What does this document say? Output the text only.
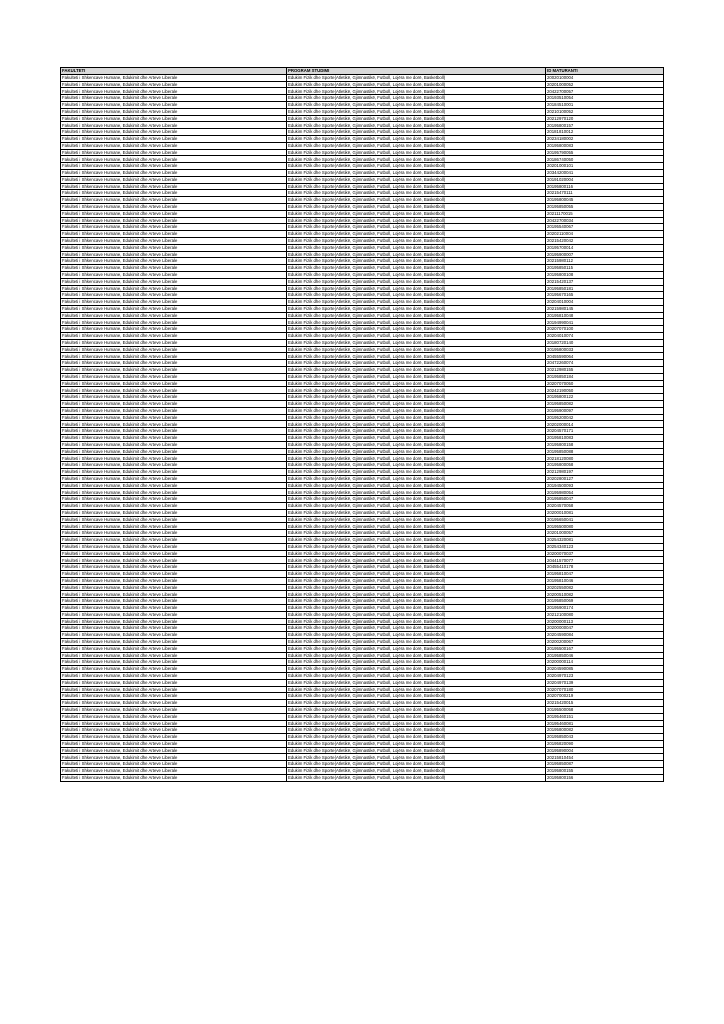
FAKULTETI	PROGRAM STUDIMI	ID MATURANTI
Fakulteti i Shkencave Humane, Edukimit dhe Arteve Liberale	Edukim Fizik dhe Sporte(Atletikë, Gjimnastikë, Futboll, Lojëra me dorë, Basketboll)	20020100004
Fakulteti i Shkencave Humane, Edukimit dhe Arteve Liberale	Edukim Fizik dhe Sporte(Atletikë, Gjimnastikë, Futboll, Lojëra me dorë, Basketboll)	20201000052
Fakulteti i Shkencave Humane, Edukimit dhe Arteve Liberale	Edukim Fizik dhe Sporte(Atletikë, Gjimnastikë, Futboll, Lojëra me dorë, Basketboll)	20422700057
Fakulteti i Shkencave Humane, Edukimit dhe Arteve Liberale	Edukim Fizik dhe Sporte(Atletikë, Gjimnastikë, Futboll, Lojëra me dorë, Basketboll)	20193510054
Fakulteti i Shkencave Humane, Edukimit dhe Arteve Liberale	Edukim Fizik dhe Sporte(Atletikë, Gjimnastikë, Futboll, Lojëra me dorë, Basketboll)	20184510001
Fakulteti i Shkencave Humane, Edukimit dhe Arteve Liberale	Edukim Fizik dhe Sporte(Atletikë, Gjimnastikë, Futboll, Lojëra me dorë, Basketboll)	20210100052
Fakulteti i Shkencave Humane, Edukimit dhe Arteve Liberale	Edukim Fizik dhe Sporte(Atletikë, Gjimnastikë, Futboll, Lojëra me dorë, Basketboll)	20212970120
Fakulteti i Shkencave Humane, Edukimit dhe Arteve Liberale	Edukim Fizik dhe Sporte(Atletikë, Gjimnastikë, Futboll, Lojëra me dorë, Basketboll)	20195800157
Fakulteti i Shkencave Humane, Edukimit dhe Arteve Liberale	Edukim Fizik dhe Sporte(Atletikë, Gjimnastikë, Futboll, Lojëra me dorë, Basketboll)	20181810012
Fakulteti i Shkencave Humane, Edukimit dhe Arteve Liberale	Edukim Fizik dhe Sporte(Atletikë, Gjimnastikë, Futboll, Lojëra me dorë, Basketboll)	20234180002
Fakulteti i Shkencave Humane, Edukimit dhe Arteve Liberale	Edukim Fizik dhe Sporte(Atletikë, Gjimnastikë, Futboll, Lojëra me dorë, Basketboll)	20195800083
Fakulteti i Shkencave Humane, Edukimit dhe Arteve Liberale	Edukim Fizik dhe Sporte(Atletikë, Gjimnastikë, Futboll, Lojëra me dorë, Basketboll)	20195790055
Fakulteti i Shkencave Humane, Edukimit dhe Arteve Liberale	Edukim Fizik dhe Sporte(Atletikë, Gjimnastikë, Futboll, Lojëra me dorë, Basketboll)	20186740050
Fakulteti i Shkencave Humane, Edukimit dhe Arteve Liberale	Edukim Fizik dhe Sporte(Atletikë, Gjimnastikë, Futboll, Lojëra me dorë, Basketboll)	20201000101
Fakulteti i Shkencave Humane, Edukimit dhe Arteve Liberale	Edukim Fizik dhe Sporte(Atletikë, Gjimnastikë, Futboll, Lojëra me dorë, Basketboll)	20344200041
Fakulteti i Shkencave Humane, Edukimit dhe Arteve Liberale	Edukim Fizik dhe Sporte(Atletikë, Gjimnastikë, Futboll, Lojëra me dorë, Basketboll)	20191020004
Fakulteti i Shkencave Humane, Edukimit dhe Arteve Liberale	Edukim Fizik dhe Sporte(Atletikë, Gjimnastikë, Futboll, Lojëra me dorë, Basketboll)	20195800116
Fakulteti i Shkencave Humane, Edukimit dhe Arteve Liberale	Edukim Fizik dhe Sporte(Atletikë, Gjimnastikë, Futboll, Lojëra me dorë, Basketboll)	20215470111
Fakulteti i Shkencave Humane, Edukimit dhe Arteve Liberale	Edukim Fizik dhe Sporte(Atletikë, Gjimnastikë, Futboll, Lojëra me dorë, Basketboll)	20195800045
Fakulteti i Shkencave Humane, Edukimit dhe Arteve Liberale	Edukim Fizik dhe Sporte(Atletikë, Gjimnastikë, Futboll, Lojëra me dorë, Basketboll)	20195850055
Fakulteti i Shkencave Humane, Edukimit dhe Arteve Liberale	Edukim Fizik dhe Sporte(Atletikë, Gjimnastikë, Futboll, Lojëra me dorë, Basketboll)	20211170015
Fakulteti i Shkencave Humane, Edukimit dhe Arteve Liberale	Edukim Fizik dhe Sporte(Atletikë, Gjimnastikë, Futboll, Lojëra me dorë, Basketboll)	20422700034
Fakulteti i Shkencave Humane, Edukimit dhe Arteve Liberale	Edukim Fizik dhe Sporte(Atletikë, Gjimnastikë, Futboll, Lojëra me dorë, Basketboll)	20195540067
Fakulteti i Shkencave Humane, Edukimit dhe Arteve Liberale	Edukim Fizik dhe Sporte(Atletikë, Gjimnastikë, Futboll, Lojëra me dorë, Basketboll)	20202110004
Fakulteti i Shkencave Humane, Edukimit dhe Arteve Liberale	Edukim Fizik dhe Sporte(Atletikë, Gjimnastikë, Futboll, Lojëra me dorë, Basketboll)	20215420042
Fakulteti i Shkencave Humane, Edukimit dhe Arteve Liberale	Edukim Fizik dhe Sporte(Atletikë, Gjimnastikë, Futboll, Lojëra me dorë, Basketboll)	20195700014
Fakulteti i Shkencave Humane, Edukimit dhe Arteve Liberale	Edukim Fizik dhe Sporte(Atletikë, Gjimnastikë, Futboll, Lojëra me dorë, Basketboll)	20195900007
Fakulteti i Shkencave Humane, Edukimit dhe Arteve Liberale	Edukim Fizik dhe Sporte(Atletikë, Gjimnastikë, Futboll, Lojëra me dorë, Basketboll)	20215980112
Fakulteti i Shkencave Humane, Edukimit dhe Arteve Liberale	Edukim Fizik dhe Sporte(Atletikë, Gjimnastikë, Futboll, Lojëra me dorë, Basketboll)	20195850115
Fakulteti i Shkencave Humane, Edukimit dhe Arteve Liberale	Edukim Fizik dhe Sporte(Atletikë, Gjimnastikë, Futboll, Lojëra me dorë, Basketboll)	20195800108
Fakulteti i Shkencave Humane, Edukimit dhe Arteve Liberale	Edukim Fizik dhe Sporte(Atletikë, Gjimnastikë, Futboll, Lojëra me dorë, Basketboll)	20215420137
Fakulteti i Shkencave Humane, Edukimit dhe Arteve Liberale	Edukim Fizik dhe Sporte(Atletikë, Gjimnastikë, Futboll, Lojëra me dorë, Basketboll)	20195850181
Fakulteti i Shkencave Humane, Edukimit dhe Arteve Liberale	Edukim Fizik dhe Sporte(Atletikë, Gjimnastikë, Futboll, Lojëra me dorë, Basketboll)	20195670165
Fakulteti i Shkencave Humane, Edukimit dhe Arteve Liberale	Edukim Fizik dhe Sporte(Atletikë, Gjimnastikë, Futboll, Lojëra me dorë, Basketboll)	20204010004
Fakulteti i Shkencave Humane, Edukimit dhe Arteve Liberale	Edukim Fizik dhe Sporte(Atletikë, Gjimnastikë, Futboll, Lojëra me dorë, Basketboll)	20215980145
Fakulteti i Shkencave Humane, Edukimit dhe Arteve Liberale	Edukim Fizik dhe Sporte(Atletikë, Gjimnastikë, Futboll, Lojëra me dorë, Basketboll)	20195810048
Fakulteti i Shkencave Humane, Edukimit dhe Arteve Liberale	Edukim Fizik dhe Sporte(Atletikë, Gjimnastikë, Futboll, Lojëra me dorë, Basketboll)	20194990041
Fakulteti i Shkencave Humane, Edukimit dhe Arteve Liberale	Edukim Fizik dhe Sporte(Atletikë, Gjimnastikë, Futboll, Lojëra me dorë, Basketboll)	20207070100
Fakulteti i Shkencave Humane, Edukimit dhe Arteve Liberale	Edukim Fizik dhe Sporte(Atletikë, Gjimnastikë, Futboll, Lojëra me dorë, Basketboll)	20204010074
Fakulteti i Shkencave Humane, Edukimit dhe Arteve Liberale	Edukim Fizik dhe Sporte(Atletikë, Gjimnastikë, Futboll, Lojëra me dorë, Basketboll)	20180720140
Fakulteti i Shkencave Humane, Edukimit dhe Arteve Liberale	Edukim Fizik dhe Sporte(Atletikë, Gjimnastikë, Futboll, Lojëra me dorë, Basketboll)	20195800033
Fakulteti i Shkencave Humane, Edukimit dhe Arteve Liberale	Edukim Fizik dhe Sporte(Atletikë, Gjimnastikë, Futboll, Lojëra me dorë, Basketboll)	20455590064
Fakulteti i Shkencave Humane, Edukimit dhe Arteve Liberale	Edukim Fizik dhe Sporte(Atletikë, Gjimnastikë, Futboll, Lojëra me dorë, Basketboll)	20472260074
Fakulteti i Shkencave Humane, Edukimit dhe Arteve Liberale	Edukim Fizik dhe Sporte(Atletikë, Gjimnastikë, Futboll, Lojëra me dorë, Basketboll)	20212980155
Fakulteti i Shkencave Humane, Edukimit dhe Arteve Liberale	Edukim Fizik dhe Sporte(Atletikë, Gjimnastikë, Futboll, Lojëra me dorë, Basketboll)	20195850184
Fakulteti i Shkencave Humane, Edukimit dhe Arteve Liberale	Edukim Fizik dhe Sporte(Atletikë, Gjimnastikë, Futboll, Lojëra me dorë, Basketboll)	20207070050
Fakulteti i Shkencave Humane, Edukimit dhe Arteve Liberale	Edukim Fizik dhe Sporte(Atletikë, Gjimnastikë, Futboll, Lojëra me dorë, Basketboll)	20242190050
Fakulteti i Shkencave Humane, Edukimit dhe Arteve Liberale	Edukim Fizik dhe Sporte(Atletikë, Gjimnastikë, Futboll, Lojëra me dorë, Basketboll)	20195800122
Fakulteti i Shkencave Humane, Edukimit dhe Arteve Liberale	Edukim Fizik dhe Sporte(Atletikë, Gjimnastikë, Futboll, Lojëra me dorë, Basketboll)	20195850082
Fakulteti i Shkencave Humane, Edukimit dhe Arteve Liberale	Edukim Fizik dhe Sporte(Atletikë, Gjimnastikë, Futboll, Lojëra me dorë, Basketboll)	20195900097
Fakulteti i Shkencave Humane, Edukimit dhe Arteve Liberale	Edukim Fizik dhe Sporte(Atletikë, Gjimnastikë, Futboll, Lojëra me dorë, Basketboll)	20195200042
Fakulteti i Shkencave Humane, Edukimit dhe Arteve Liberale	Edukim Fizik dhe Sporte(Atletikë, Gjimnastikë, Futboll, Lojëra me dorë, Basketboll)	20202000014
Fakulteti i Shkencave Humane, Edukimit dhe Arteve Liberale	Edukim Fizik dhe Sporte(Atletikë, Gjimnastikë, Futboll, Lojëra me dorë, Basketboll)	20204570171
Fakulteti i Shkencave Humane, Edukimit dhe Arteve Liberale	Edukim Fizik dhe Sporte(Atletikë, Gjimnastikë, Futboll, Lojëra me dorë, Basketboll)	20195810083
Fakulteti i Shkencave Humane, Edukimit dhe Arteve Liberale	Edukim Fizik dhe Sporte(Atletikë, Gjimnastikë, Futboll, Lojëra me dorë, Basketboll)	20195800158
Fakulteti i Shkencave Humane, Edukimit dhe Arteve Liberale	Edukim Fizik dhe Sporte(Atletikë, Gjimnastikë, Futboll, Lojëra me dorë, Basketboll)	20195850088
Fakulteti i Shkencave Humane, Edukimit dhe Arteve Liberale	Edukim Fizik dhe Sporte(Atletikë, Gjimnastikë, Futboll, Lojëra me dorë, Basketboll)	20218120080
Fakulteti i Shkencave Humane, Edukimit dhe Arteve Liberale	Edukim Fizik dhe Sporte(Atletikë, Gjimnastikë, Futboll, Lojëra me dorë, Basketboll)	20195800058
Fakulteti i Shkencave Humane, Edukimit dhe Arteve Liberale	Edukim Fizik dhe Sporte(Atletikë, Gjimnastikë, Futboll, Lojëra me dorë, Basketboll)	20212980197
Fakulteti i Shkencave Humane, Edukimit dhe Arteve Liberale	Edukim Fizik dhe Sporte(Atletikë, Gjimnastikë, Futboll, Lojëra me dorë, Basketboll)	20202800127
Fakulteti i Shkencave Humane, Edukimit dhe Arteve Liberale	Edukim Fizik dhe Sporte(Atletikë, Gjimnastikë, Futboll, Lojëra me dorë, Basketboll)	20194500093
Fakulteti i Shkencave Humane, Edukimit dhe Arteve Liberale	Edukim Fizik dhe Sporte(Atletikë, Gjimnastikë, Futboll, Lojëra me dorë, Basketboll)	20195980054
Fakulteti i Shkencave Humane, Edukimit dhe Arteve Liberale	Edukim Fizik dhe Sporte(Atletikë, Gjimnastikë, Futboll, Lojëra me dorë, Basketboll)	20195850047
Fakulteti i Shkencave Humane, Edukimit dhe Arteve Liberale	Edukim Fizik dhe Sporte(Atletikë, Gjimnastikë, Futboll, Lojëra me dorë, Basketboll)	20204570058
Fakulteti i Shkencave Humane, Edukimit dhe Arteve Liberale	Edukim Fizik dhe Sporte(Atletikë, Gjimnastikë, Futboll, Lojëra me dorë, Basketboll)	20200010081
Fakulteti i Shkencave Humane, Edukimit dhe Arteve Liberale	Edukim Fizik dhe Sporte(Atletikë, Gjimnastikë, Futboll, Lojëra me dorë, Basketboll)	20195650041
Fakulteti i Shkencave Humane, Edukimit dhe Arteve Liberale	Edukim Fizik dhe Sporte(Atletikë, Gjimnastikë, Futboll, Lojëra me dorë, Basketboll)	20195500080
Fakulteti i Shkencave Humane, Edukimit dhe Arteve Liberale	Edukim Fizik dhe Sporte(Atletikë, Gjimnastikë, Futboll, Lojëra me dorë, Basketboll)	20201000057
Fakulteti i Shkencave Humane, Edukimit dhe Arteve Liberale	Edukim Fizik dhe Sporte(Atletikë, Gjimnastikë, Futboll, Lojëra me dorë, Basketboll)	20254320081
Fakulteti i Shkencave Humane, Edukimit dhe Arteve Liberale	Edukim Fizik dhe Sporte(Atletikë, Gjimnastikë, Futboll, Lojëra me dorë, Basketboll)	20254340123
Fakulteti i Shkencave Humane, Edukimit dhe Arteve Liberale	Edukim Fizik dhe Sporte(Atletikë, Gjimnastikë, Futboll, Lojëra me dorë, Basketboll)	20200070037
Fakulteti i Shkencave Humane, Edukimit dhe Arteve Liberale	Edukim Fizik dhe Sporte(Atletikë, Gjimnastikë, Futboll, Lojëra me dorë, Basketboll)	20441570077
Fakulteti i Shkencave Humane, Edukimit dhe Arteve Liberale	Edukim Fizik dhe Sporte(Atletikë, Gjimnastikë, Futboll, Lojëra me dorë, Basketboll)	20455410178
Fakulteti i Shkencave Humane, Edukimit dhe Arteve Liberale	Edukim Fizik dhe Sporte(Atletikë, Gjimnastikë, Futboll, Lojëra me dorë, Basketboll)	20195810047
Fakulteti i Shkencave Humane, Edukimit dhe Arteve Liberale	Edukim Fizik dhe Sporte(Atletikë, Gjimnastikë, Futboll, Lojëra me dorë, Basketboll)	20195810046
Fakulteti i Shkencave Humane, Edukimit dhe Arteve Liberale	Edukim Fizik dhe Sporte(Atletikë, Gjimnastikë, Futboll, Lojëra me dorë, Basketboll)	20202550082
Fakulteti i Shkencave Humane, Edukimit dhe Arteve Liberale	Edukim Fizik dhe Sporte(Atletikë, Gjimnastikë, Futboll, Lojëra me dorë, Basketboll)	20200510082
Fakulteti i Shkencave Humane, Edukimit dhe Arteve Liberale	Edukim Fizik dhe Sporte(Atletikë, Gjimnastikë, Futboll, Lojëra me dorë, Basketboll)	20195850069
Fakulteti i Shkencave Humane, Edukimit dhe Arteve Liberale	Edukim Fizik dhe Sporte(Atletikë, Gjimnastikë, Futboll, Lojëra me dorë, Basketboll)	20195900174
Fakulteti i Shkencave Humane, Edukimit dhe Arteve Liberale	Edukim Fizik dhe Sporte(Atletikë, Gjimnastikë, Futboll, Lojëra me dorë, Basketboll)	20212100080
Fakulteti i Shkencave Humane, Edukimit dhe Arteve Liberale	Edukim Fizik dhe Sporte(Atletikë, Gjimnastikë, Futboll, Lojëra me dorë, Basketboll)	20200000113
Fakulteti i Shkencave Humane, Edukimit dhe Arteve Liberale	Edukim Fizik dhe Sporte(Atletikë, Gjimnastikë, Futboll, Lojëra me dorë, Basketboll)	20200000047
Fakulteti i Shkencave Humane, Edukimit dhe Arteve Liberale	Edukim Fizik dhe Sporte(Atletikë, Gjimnastikë, Futboll, Lojëra me dorë, Basketboll)	20204590084
Fakulteti i Shkencave Humane, Edukimit dhe Arteve Liberale	Edukim Fizik dhe Sporte(Atletikë, Gjimnastikë, Futboll, Lojëra me dorë, Basketboll)	20200200067
Fakulteti i Shkencave Humane, Edukimit dhe Arteve Liberale	Edukim Fizik dhe Sporte(Atletikë, Gjimnastikë, Futboll, Lojëra me dorë, Basketboll)	20195500167
Fakulteti i Shkencave Humane, Edukimit dhe Arteve Liberale	Edukim Fizik dhe Sporte(Atletikë, Gjimnastikë, Futboll, Lojëra me dorë, Basketboll)	20195850046
Fakulteti i Shkencave Humane, Edukimit dhe Arteve Liberale	Edukim Fizik dhe Sporte(Atletikë, Gjimnastikë, Futboll, Lojëra me dorë, Basketboll)	20200000114
Fakulteti i Shkencave Humane, Edukimit dhe Arteve Liberale	Edukim Fizik dhe Sporte(Atletikë, Gjimnastikë, Futboll, Lojëra me dorë, Basketboll)	20204590085
Fakulteti i Shkencave Humane, Edukimit dhe Arteve Liberale	Edukim Fizik dhe Sporte(Atletikë, Gjimnastikë, Futboll, Lojëra me dorë, Basketboll)	20204970123
Fakulteti i Shkencave Humane, Edukimit dhe Arteve Liberale	Edukim Fizik dhe Sporte(Atletikë, Gjimnastikë, Futboll, Lojëra me dorë, Basketboll)	20204970139
Fakulteti i Shkencave Humane, Edukimit dhe Arteve Liberale	Edukim Fizik dhe Sporte(Atletikë, Gjimnastikë, Futboll, Lojëra me dorë, Basketboll)	20207070180
Fakulteti i Shkencave Humane, Edukimit dhe Arteve Liberale	Edukim Fizik dhe Sporte(Atletikë, Gjimnastikë, Futboll, Lojëra me dorë, Basketboll)	20207000219
Fakulteti i Shkencave Humane, Edukimit dhe Arteve Liberale	Edukim Fizik dhe Sporte(Atletikë, Gjimnastikë, Futboll, Lojëra me dorë, Basketboll)	20215420015
Fakulteti i Shkencave Humane, Edukimit dhe Arteve Liberale	Edukim Fizik dhe Sporte(Atletikë, Gjimnastikë, Futboll, Lojëra me dorë, Basketboll)	20195500058
Fakulteti i Shkencave Humane, Edukimit dhe Arteve Liberale	Edukim Fizik dhe Sporte(Atletikë, Gjimnastikë, Futboll, Lojëra me dorë, Basketboll)	20195460151
Fakulteti i Shkencave Humane, Edukimit dhe Arteve Liberale	Edukim Fizik dhe Sporte(Atletikë, Gjimnastikë, Futboll, Lojëra me dorë, Basketboll)	20195460081
Fakulteti i Shkencave Humane, Edukimit dhe Arteve Liberale	Edukim Fizik dhe Sporte(Atletikë, Gjimnastikë, Futboll, Lojëra me dorë, Basketboll)	20195800082
Fakulteti i Shkencave Humane, Edukimit dhe Arteve Liberale	Edukim Fizik dhe Sporte(Atletikë, Gjimnastikë, Futboll, Lojëra me dorë, Basketboll)	20195850043
Fakulteti i Shkencave Humane, Edukimit dhe Arteve Liberale	Edukim Fizik dhe Sporte(Atletikë, Gjimnastikë, Futboll, Lojëra me dorë, Basketboll)	20195820090
Fakulteti i Shkencave Humane, Edukimit dhe Arteve Liberale	Edukim Fizik dhe Sporte(Atletikë, Gjimnastikë, Futboll, Lojëra me dorë, Basketboll)	20195890004
Fakulteti i Shkencave Humane, Edukimit dhe Arteve Liberale	Edukim Fizik dhe Sporte(Atletikë, Gjimnastikë, Futboll, Lojëra me dorë, Basketboll)	20215810454
Fakulteti i Shkencave Humane, Edukimit dhe Arteve Liberale	Edukim Fizik dhe Sporte(Atletikë, Gjimnastikë, Futboll, Lojëra me dorë, Basketboll)	20195850087
Fakulteti i Shkencave Humane, Edukimit dhe Arteve Liberale	Edukim Fizik dhe Sporte(Atletikë, Gjimnastikë, Futboll, Lojëra me dorë, Basketboll)	20195800155
Fakulteti i Shkencave Humane, Edukimit dhe Arteve Liberale	Edukim Fizik dhe Sporte(Atletikë, Gjimnastikë, Futboll, Lojëra me dorë, Basketboll)	20195800156
